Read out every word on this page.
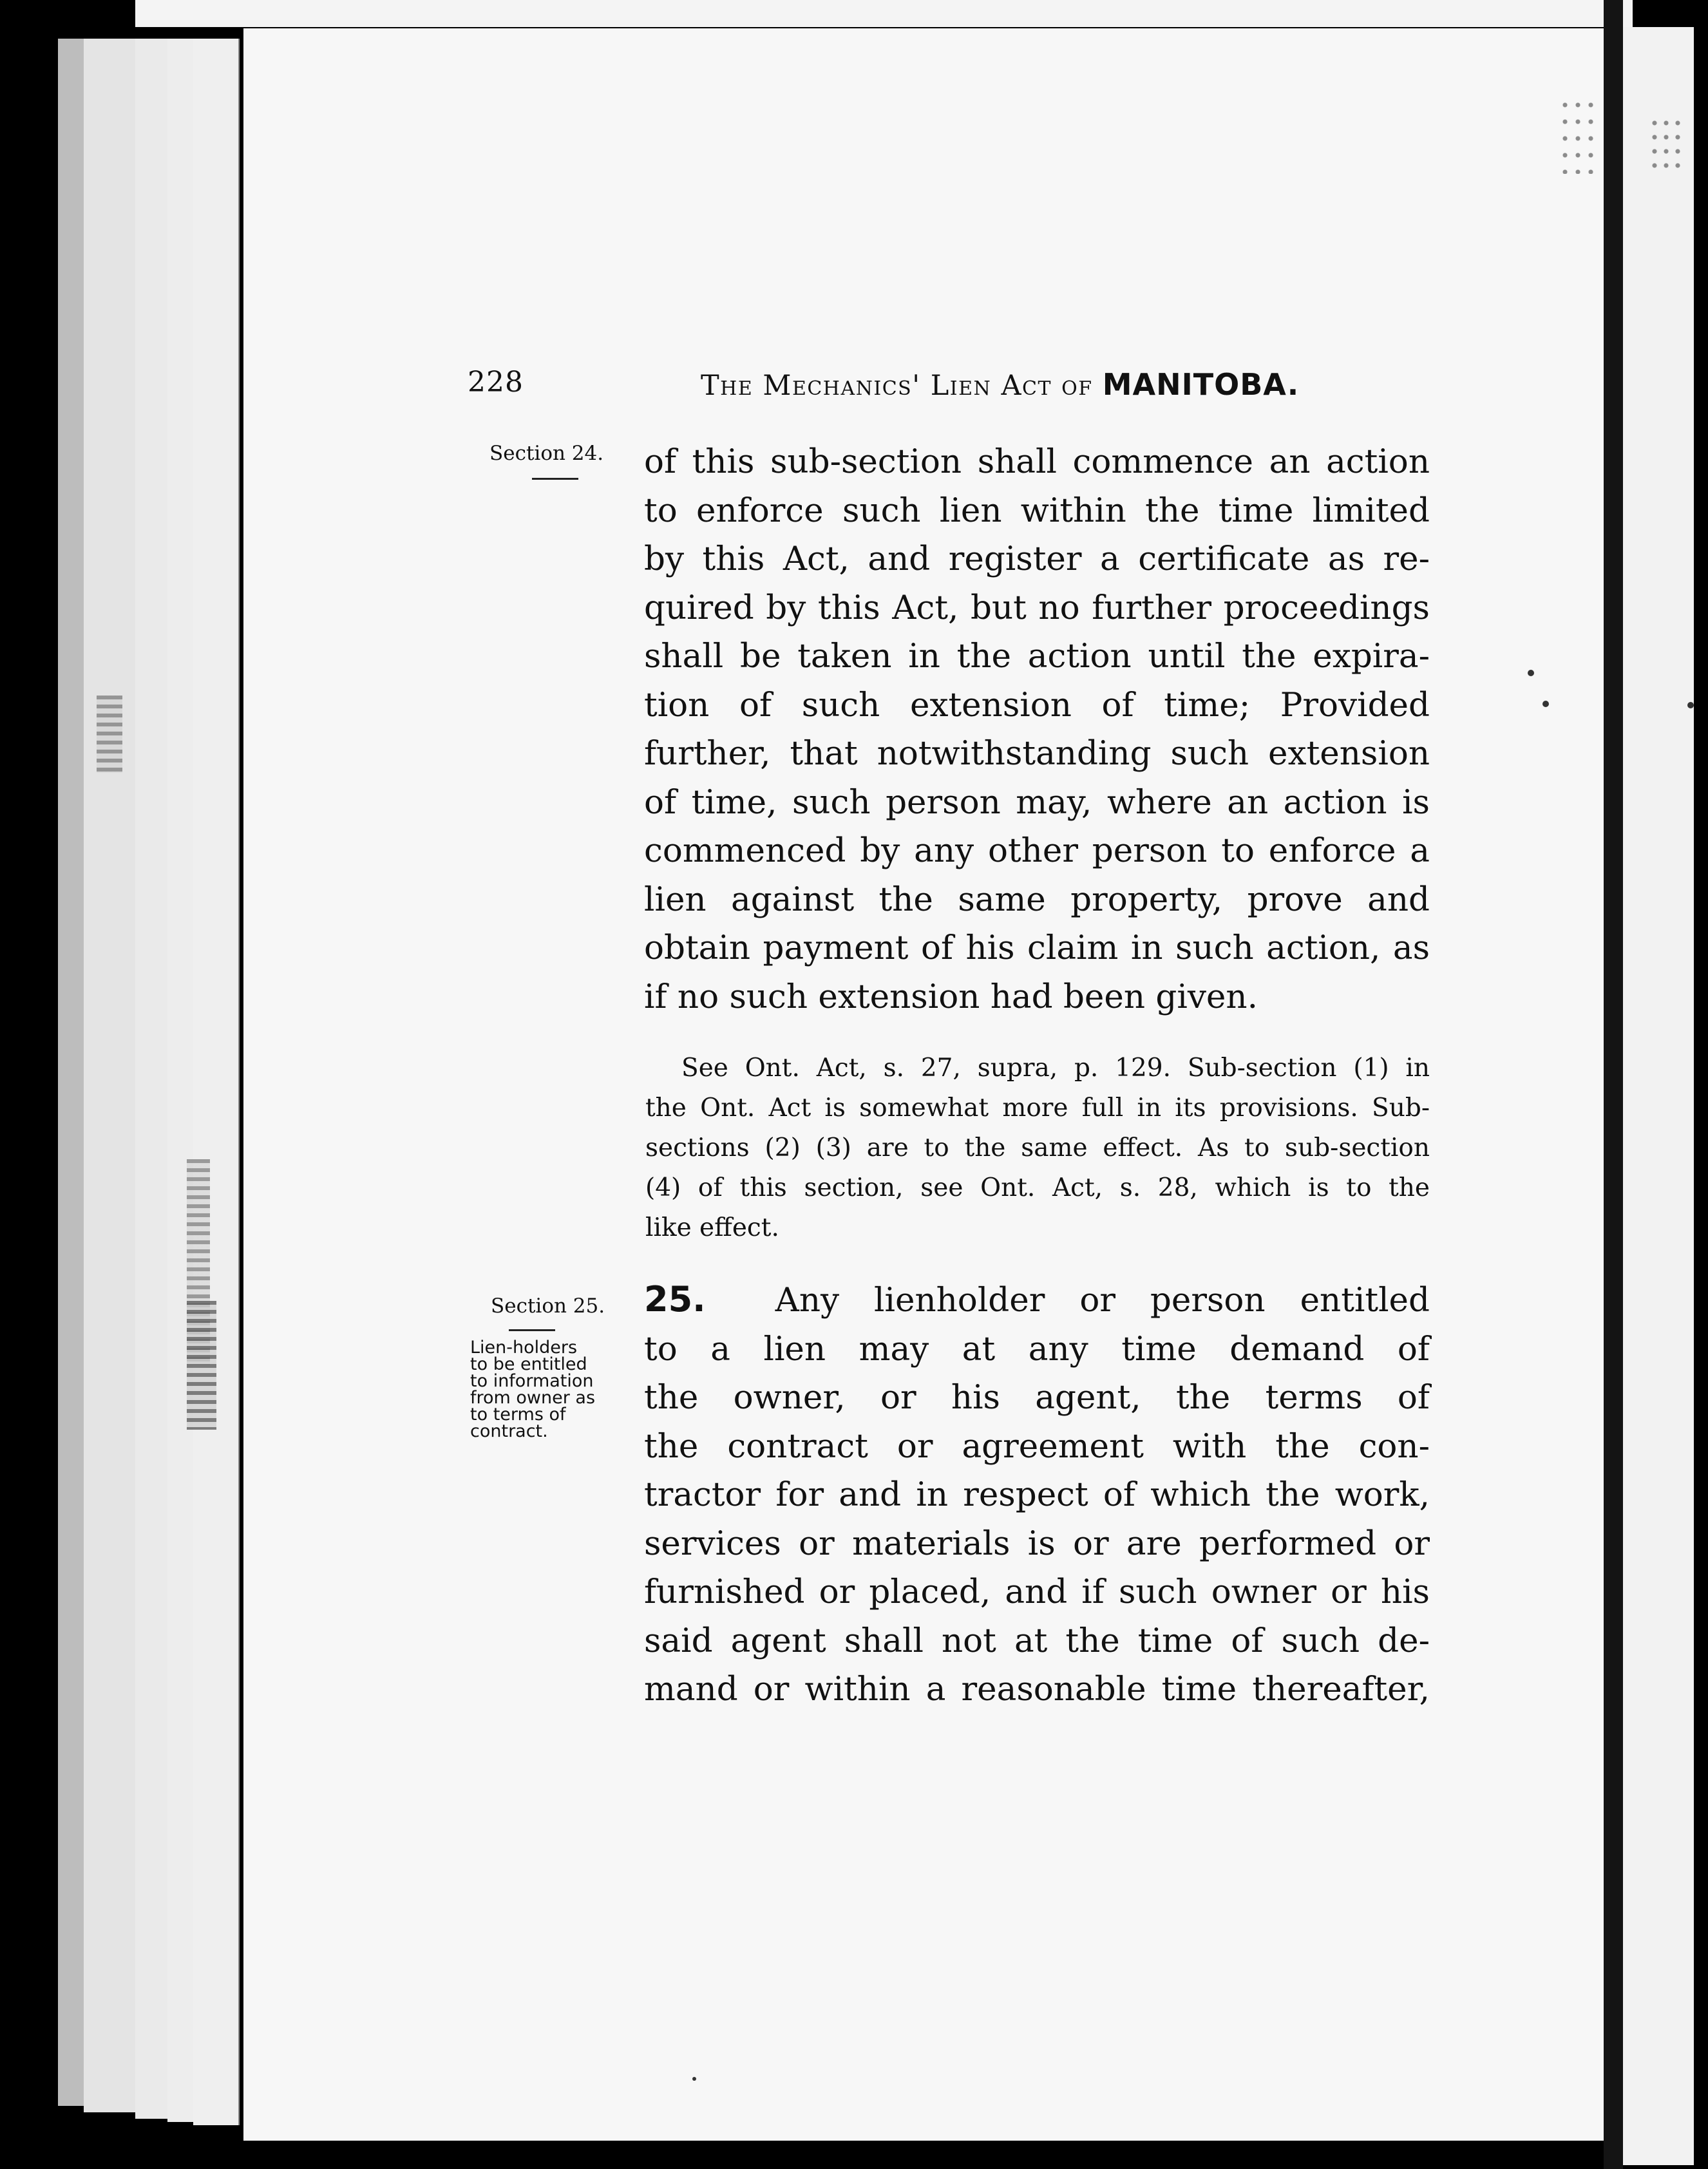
228	The Mechanics' Lien Act of MANITOBA.

Section 24.

Section 25.

Lien-holders
to be entitled
to information
from owner as
to terms of
contract.

of this sub-section shall commence an action
to enforce such lien within the time limited
by this Act, and register a certificate as re-
quired by this Act, but no further proceedings
shall be taken in the action until the expira-
tion of such extension of time; Provided
further, that notwithstanding such extension
of time, such person may, where an action is
commenced by any other person to enforce a
lien against the same property, prove and
obtain payment of his claim in such action, as
if no such extension had been given.

See Ont. Act, s. 27, supra, p. 129. Sub-section (1) in
the Ont. Act is somewhat more full in its provisions. Sub-
sections (2) (3) are to the same effect. As to sub-section
(4) of this section, see Ont. Act, s. 28, which is to the
like effect.

25. Any lienholder or person entitled
to a lien may at any time demand of
the owner, or his agent, the terms of
the contract or agreement with the con-
tractor for and in respect of which the work,
services or materials is or are performed or
furnished or placed, and if such owner or his
said agent shall not at the time of such de-
mand or within a reasonable time thereafter,
